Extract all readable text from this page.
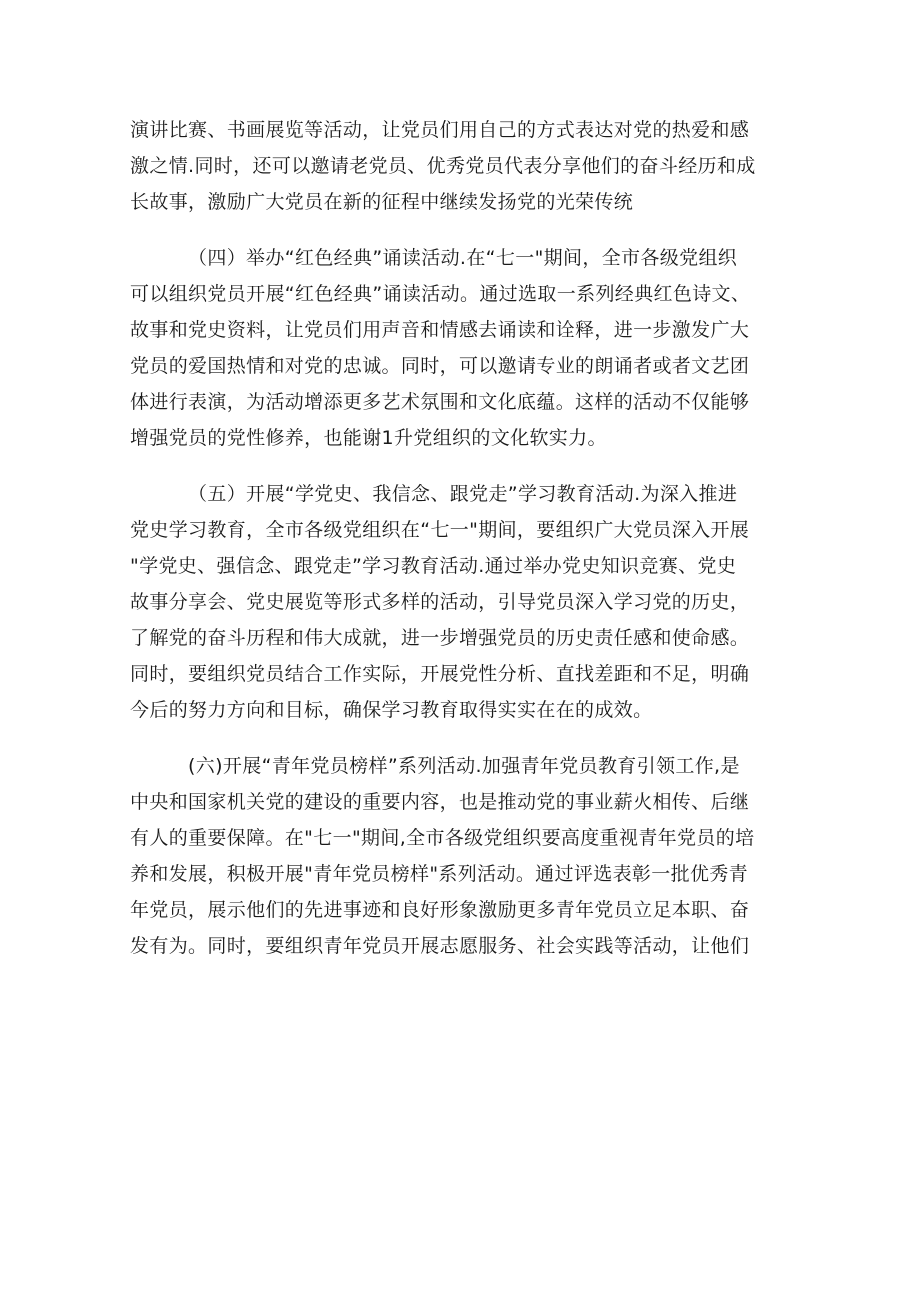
演讲比赛、书画展览等活动，让党员们用自己的方式表达对党的热爱和感
激之情.同时，还可以邀请老党员、优秀党员代表分享他们的奋斗经历和成
长故事，激励广大党员在新的征程中继续发扬党的光荣传统
（四）举办“红色经典”诵读活动.在“七一"期间，全市各级党组织
可以组织党员开展“红色经典”诵读活动。通过选取一系列经典红色诗文、
故事和党史资料，让党员们用声音和情感去诵读和诠释，进一步激发广大
党员的爱国热情和对党的忠诚。同时，可以邀请专业的朗诵者或者文艺团
体进行表演，为活动增添更多艺术氛围和文化底蕴。这样的活动不仅能够
增强党员的党性修养，也能谢1升党组织的文化软实力。
（五）开展“学党史、我信念、跟党走”学习教育活动.为深入推进
党史学习教育，全市各级党组织在“七一"期间，要组织广大党员深入开展
"学党史、强信念、跟党走”学习教育活动.通过举办党史知识竞赛、党史
故事分享会、党史展览等形式多样的活动，引导党员深入学习党的历史，
了解党的奋斗历程和伟大成就，进一步增强党员的历史责任感和使命感。
同时，要组织党员结合工作实际，开展党性分析、直找差距和不足，明确
今后的努力方向和目标，确保学习教育取得实实在在的成效。
(六)开展“青年党员榜样”系列活动.加强青年党员教育引领工作,是
中央和国家机关党的建设的重要内容，也是推动党的事业薪火相传、后继
有人的重要保障。在"七一"期间,全市各级党组织要高度重视青年党员的培
养和发展，积极开展"青年党员榜样"系列活动。通过评选表彰一批优秀青
年党员，展示他们的先进事迹和良好形象激励更多青年党员立足本职、奋
发有为。同时，要组织青年党员开展志愿服务、社会实践等活动，让他们
